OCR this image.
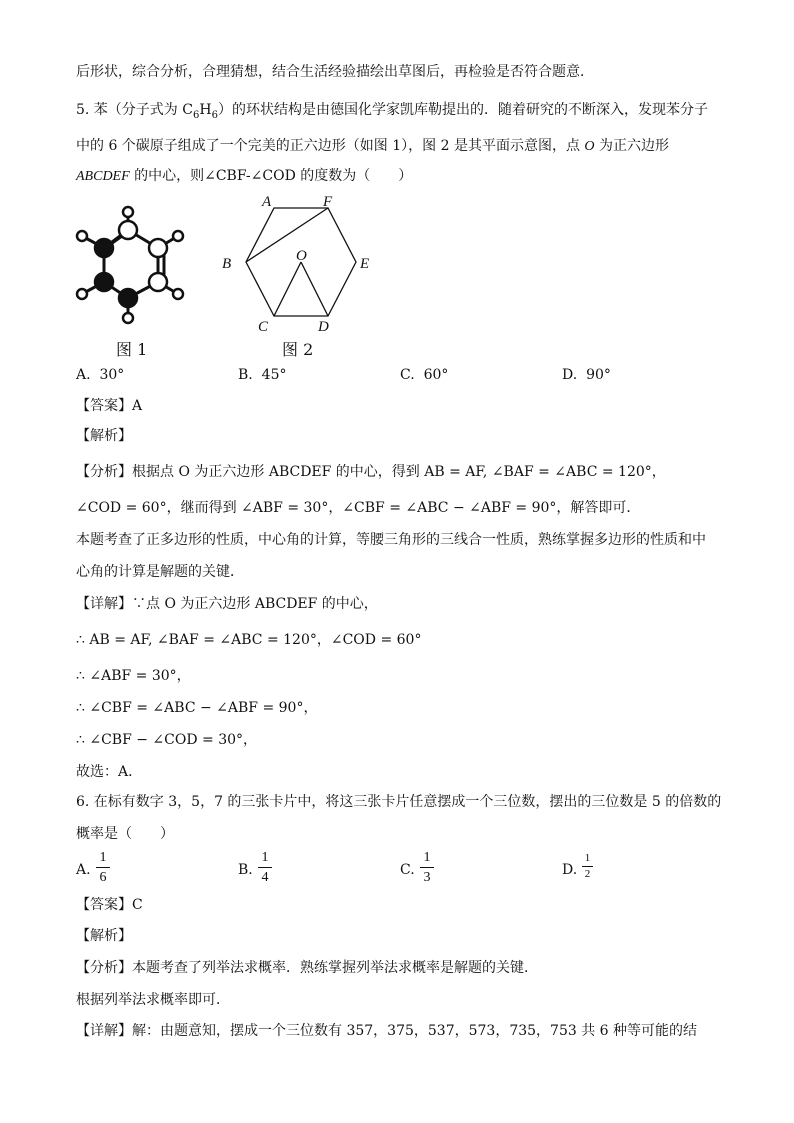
后形状，综合分析，合理猜想，结合生活经验描绘出草图后，再检验是否符合题意．
5. 苯（分子式为 $C_6H_6$）的环状结构是由德国化学家凯库勒提出的．随着研究的不断深入，发现苯分子
中的 6 个碳原子组成了一个完美的正六边形（如图 1），图 2 是其平面示意图，点 O 为正六边形
ABCDEF 的中心，则∠CBF-∠COD 的度数为（　　）
图 1
A	F
B	E
O
C	D
图 2
A. 30°	B. 45°	C. 60°	D. 90°
【答案】A
【解析】
【分析】根据点 O 为正六边形 ABCDEF 的中心，得到 AB = AF, ∠BAF = ∠ABC = 120°，
∠COD = 60°，继而得到 ∠ABF = 30°，∠CBF = ∠ABC − ∠ABF = 90°，解答即可．
本题考查了正多边形的性质，中心角的计算，等腰三角形的三线合一性质，熟练掌握多边形的性质和中
心角的计算是解题的关键．
【详解】∵点 O 为正六边形 ABCDEF 的中心，
∴ AB = AF, ∠BAF = ∠ABC = 120°，∠COD = 60°
∴ ∠ABF = 30°，
∴ ∠CBF = ∠ABC − ∠ABF = 90°，
∴ ∠CBF − ∠COD = 30°，
故选：A．
6. 在标有数字 3，5，7 的三张卡片中，将这三张卡片任意摆成一个三位数，摆出的三位数是 5 的倍数的
概率是（　　）
A.
1
6	B.
1
4	C.
1
3	D.
1
2
【答案】C
【解析】
【分析】本题考查了列举法求概率．熟练掌握列举法求概率是解题的关键．
根据列举法求概率即可．
【详解】解：由题意知，摆成一个三位数有 357，375，537，573，735，753 共 6 种等可能的结
